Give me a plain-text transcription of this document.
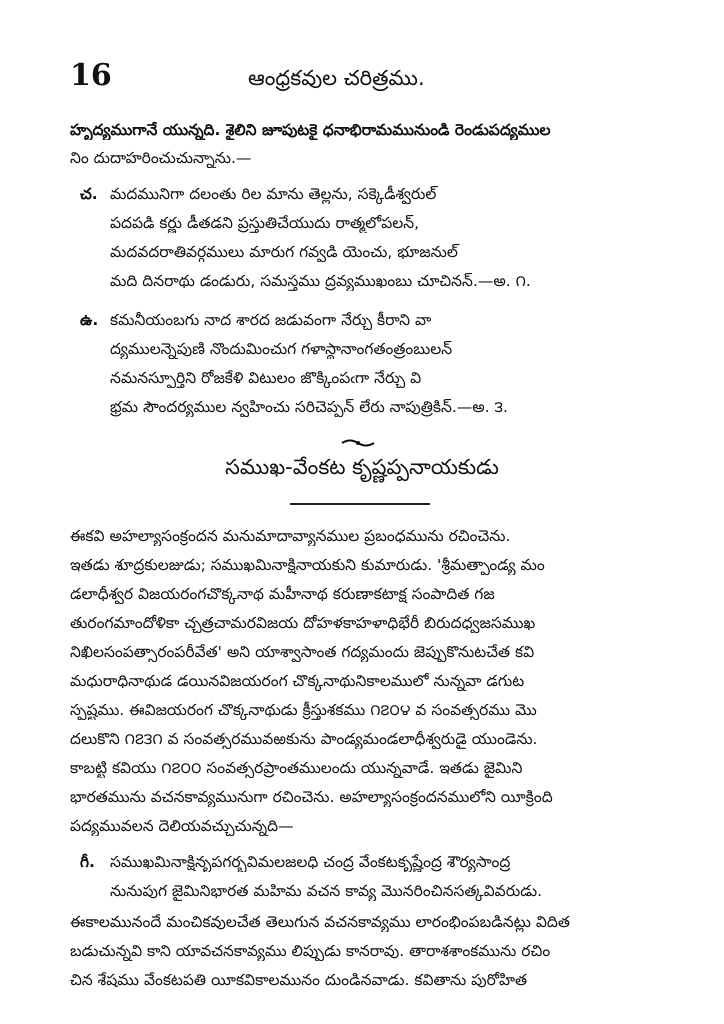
16	ఆంధ్రకవుల చరిత్రము.
హృద్యముగానే యున్నది. శైలిని జూపుటకై ధనాభిరామమునుండి రెండుపద్యముల
నిం దుదాహరించుచున్నాను.—
చ. మదమునిగా దలంతు రిల మాను తెల్లను, సక్కెడీశ్వరుల్
పదపడి కర్ణు డీతడని ప్రస్తుతిచేయుదు రాత్మలోపలన్,
మదవదరాతివర్గములు మారుగ గవ్వడి యెంచు, భూజనుల్
మది దినరాథు డండురు, సమస్తము ద్రవ్యముఖంబు చూచినన్.—అ. ౧.
ఉ. కమనీయంబగు నాద శారద జడువంగా నేర్చు కీరాని వా
ద్యములన్నెపుణి నొందుమించుగ గళాస్థానాంగతంత్రంబులన్
నమనస్ఫూర్తిని రోజకేళి విటులం జొక్కింపఁగా నేర్చు వి
భ్రమ సౌందర్యముల న్వహించు సరిచెప్పన్ లేరు నాపుత్రికిన్.—అ. ౩.
సముఖ-వేంకట కృష్ణప్పనాయకుడు
ఈకవి అహల్యాసంక్రందన మనుమాదావ్యానముల ప్రబంధమును రచించెను.
ఇతడు శూద్రకులజుడు; సముఖమినాక్షినాయకుని కుమారుడు. 'శ్రీమత్పాండ్య మం
డలాధీశ్వర విజయరంగచొక్కనాథ మహీనాథ కరుణాకటాక్ష సంపాదిత గజ
తురంగమాందోళికా చ్ఛత్రచామరవిజయ దోహళకాహళాధిభేరీ బిరుదధ్వజసముఖ
నిఖిలసంపత్సారంపరీవేత' అని యాశ్వాసాంత గద్యమందు జెప్పుకొనుటచేత కవి
మధురాధినాథుడ డయినవిజయరంగ చొక్కనాథునికాలములో నున్నవా డగుట
స్పష్టము. ఈవిజయరంగ చొక్కనాథుడు క్రీస్తుశకము ౧౭౦౪ వ సంవత్సరము మొ
దలుకొని ౧౭౩౧ వ సంవత్సరమువఱకును పాండ్యమండలాధీశ్వరుడై యుండెను.
కాబట్టి కవియు ౧౭౦౦ సంవత్సరప్రాంతములందు యున్నవాడే. ఇతడు జైమిని
భారతమును వచనకావ్యమునుగా రచించెను. అహల్యాసంక్రందనములోని యీక్రింది
పద్యమువలన దెలియవచ్చుచున్నది—
గీ. సముఖమినాక్షినృపగర్భవిమలజలధి చంద్ర వేంకటకృష్ణేంద్ర శౌర్యసాంద్ర
నునుపుగ జైమినిభారత మహిమ వచన కావ్య మొనరించినసత్కవివరుడు.
ఈకాలమునందే మంచికవులచేత తెలుగున వచనకావ్యము లారంభింపబడినట్లు విదిత
బడుచున్నవి కాని యావచనకావ్యము లిప్పుడు కానరావు. తారాశశాంకమును రచిం
చిన శేషము వేంకటపతి యీకవికాలమునం దుండినవాడు. కవితాను పురోహిత
